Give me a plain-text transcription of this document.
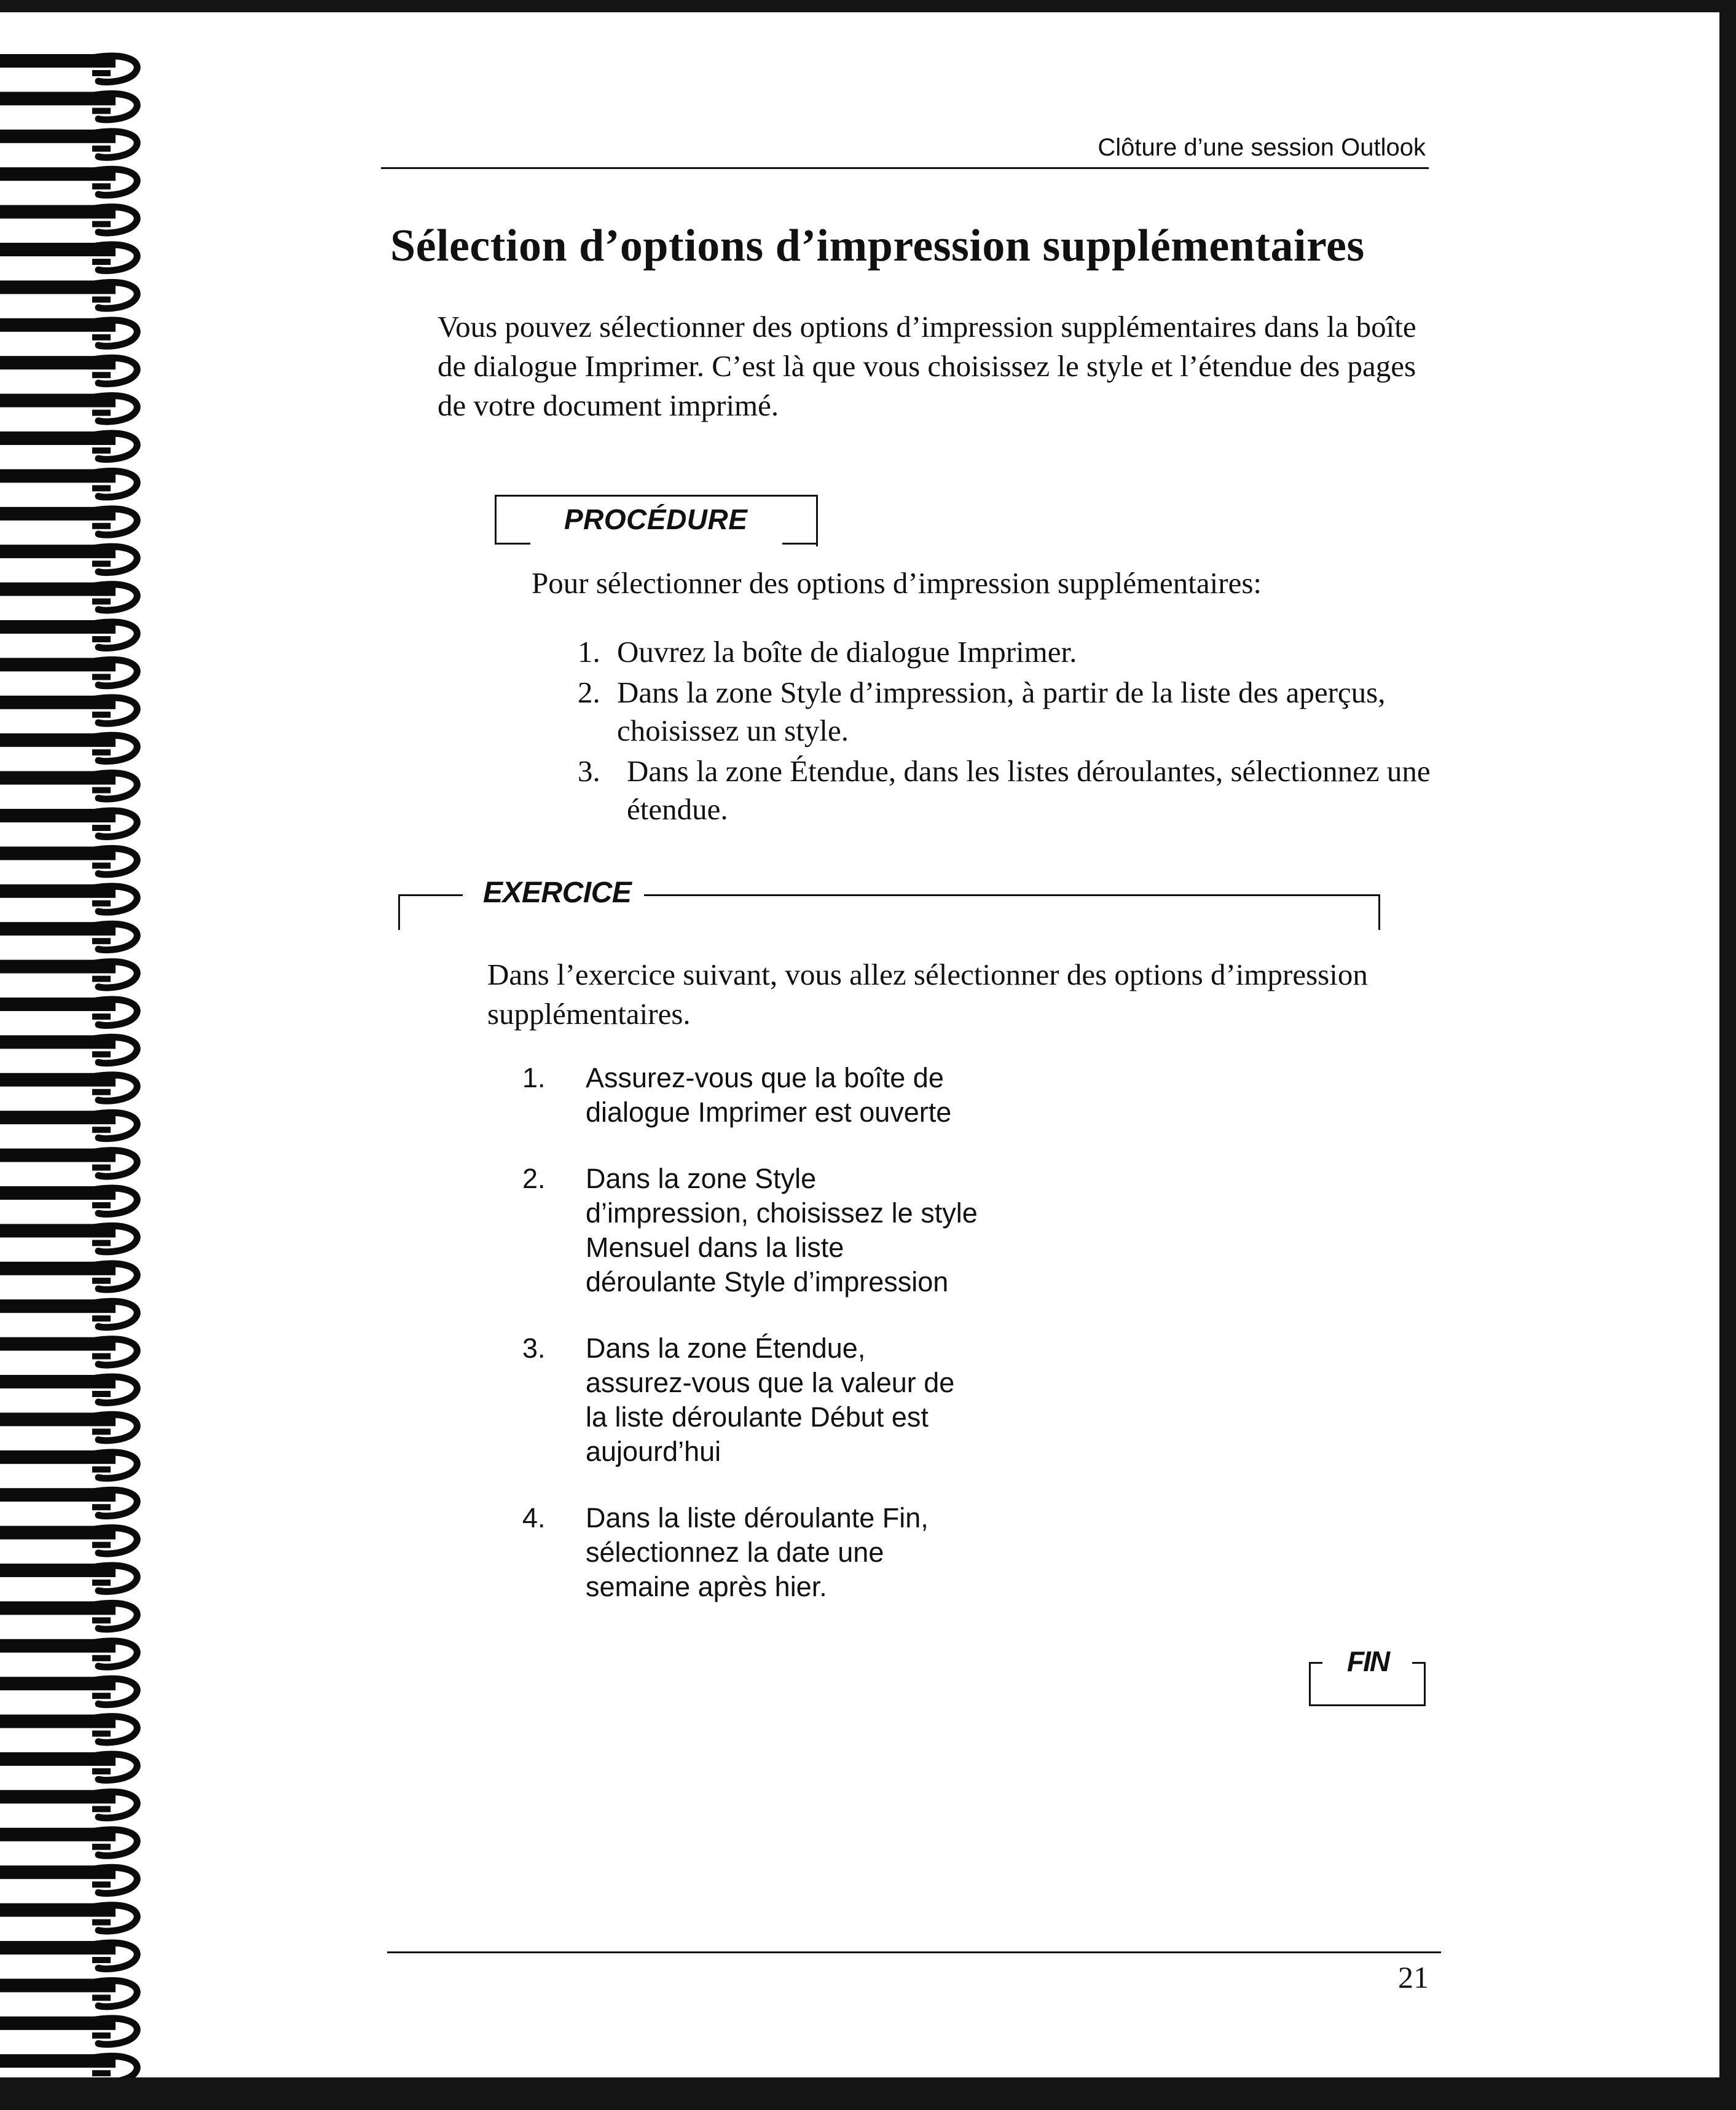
Clôture d’une session Outlook
Sélection d’options d’impression supplémentaires
Vous pouvez sélectionner des options d’impression supplémentaires dans la boîte de dialogue Imprimer. C’est là que vous choisissez le style et l’étendue des pages de votre document imprimé.
PROCÉDURE
Pour sélectionner des options d’impression supplémentaires:
1. Ouvrez la boîte de dialogue Imprimer.
2. Dans la zone Style d’impression, à partir de la liste des aperçus, choisissez un style.
3. Dans la zone Étendue, dans les listes déroulantes, sélectionnez une étendue.
EXERCICE
Dans l’exercice suivant, vous allez sélectionner des options d’impression supplémentaires.
1.	Assurez-vous que la boîte de dialogue Imprimer est ouverte
2.	Dans la zone Style d’impression, choisissez le style Mensuel dans la liste déroulante Style d’impression
3.	Dans la zone Étendue, assurez-vous que la valeur de la liste déroulante Début est aujourd’hui
4.	Dans la liste déroulante Fin, sélectionnez la date une semaine après hier.
FIN
21
